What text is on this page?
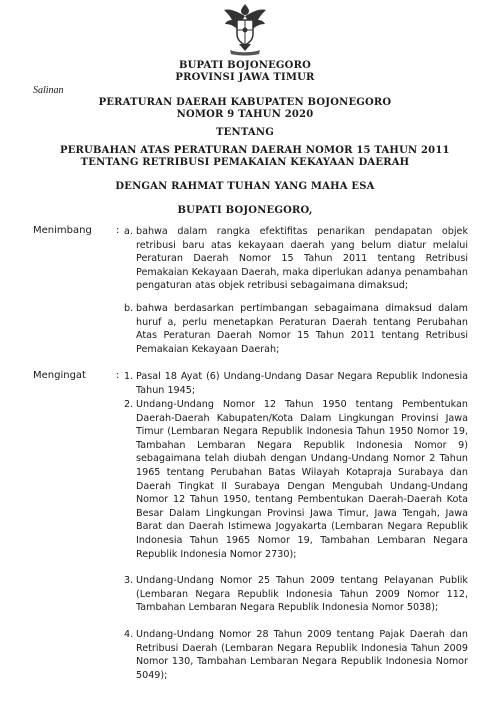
BUPATI BOJONEGORO
PROVINSI JAWA TIMUR
Salinan
PERATURAN DAERAH KABUPATEN BOJONEGORO
NOMOR 9 TAHUN 2020
TENTANG
PERUBAHAN ATAS PERATURAN DAERAH NOMOR 15 TAHUN 2011
TENTANG RETRIBUSI PEMAKAIAN KEKAYAAN DAERAH
DENGAN RAHMAT TUHAN YANG MAHA ESA
BUPATI BOJONEGORO,
Menimbang : a. bahwa dalam rangka efektifitas penarikan pendapatan objek retribusi baru atas kekayaan daerah yang belum diatur melalui Peraturan Daerah Nomor 15 Tahun 2011 tentang Retribusi Pemakaian Kekayaan Daerah, maka diperlukan adanya penambahan pengaturan atas objek retribusi sebagaimana dimaksud;
b. bahwa berdasarkan pertimbangan sebagaimana dimaksud dalam huruf a, perlu menetapkan Peraturan Daerah tentang Perubahan Atas Peraturan Daerah Nomor 15 Tahun 2011 tentang Retribusi Pemakaian Kekayaan Daerah;
Mengingat	: 1. Pasal 18 Ayat (6) Undang-Undang Dasar Negara Republik Indonesia Tahun 1945;
2. Undang-Undang Nomor 12 Tahun 1950 tentang Pembentukan Daerah-Daerah Kabupaten/Kota Dalam Lingkungan Provinsi Jawa Timur (Lembaran Negara Republik Indonesia Tahun 1950 Nomor 19, Tambahan Lembaran Negara Republik Indonesia Nomor 9) sebagaimana telah diubah dengan Undang-Undang Nomor 2 Tahun 1965 tentang Perubahan Batas Wilayah Kotapraja Surabaya dan Daerah Tingkat II Surabaya Dengan Mengubah Undang-Undang Nomor 12 Tahun 1950, tentang Pembentukan Daerah-Daerah Kota Besar Dalam Lingkungan Provinsi Jawa Timur, Jawa Tengah, Jawa Barat dan Daerah Istimewa Jogyakarta (Lembaran Negara Republik Indonesia Tahun 1965 Nomor 19, Tambahan Lembaran Negara Republik Indonesia Nomor 2730);
3. Undang-Undang Nomor 25 Tahun 2009 tentang Pelayanan Publik (Lembaran Negara Republik Indonesia Tahun 2009 Nomor 112, Tambahan Lembaran Negara Republik Indonesia Nomor 5038);
4. Undang-Undang Nomor 28 Tahun 2009 tentang Pajak Daerah dan Retribusi Daerah (Lembaran Negara Republik Indonesia Tahun 2009 Nomor 130, Tambahan Lembaran Negara Republik Indonesia Nomor 5049);
